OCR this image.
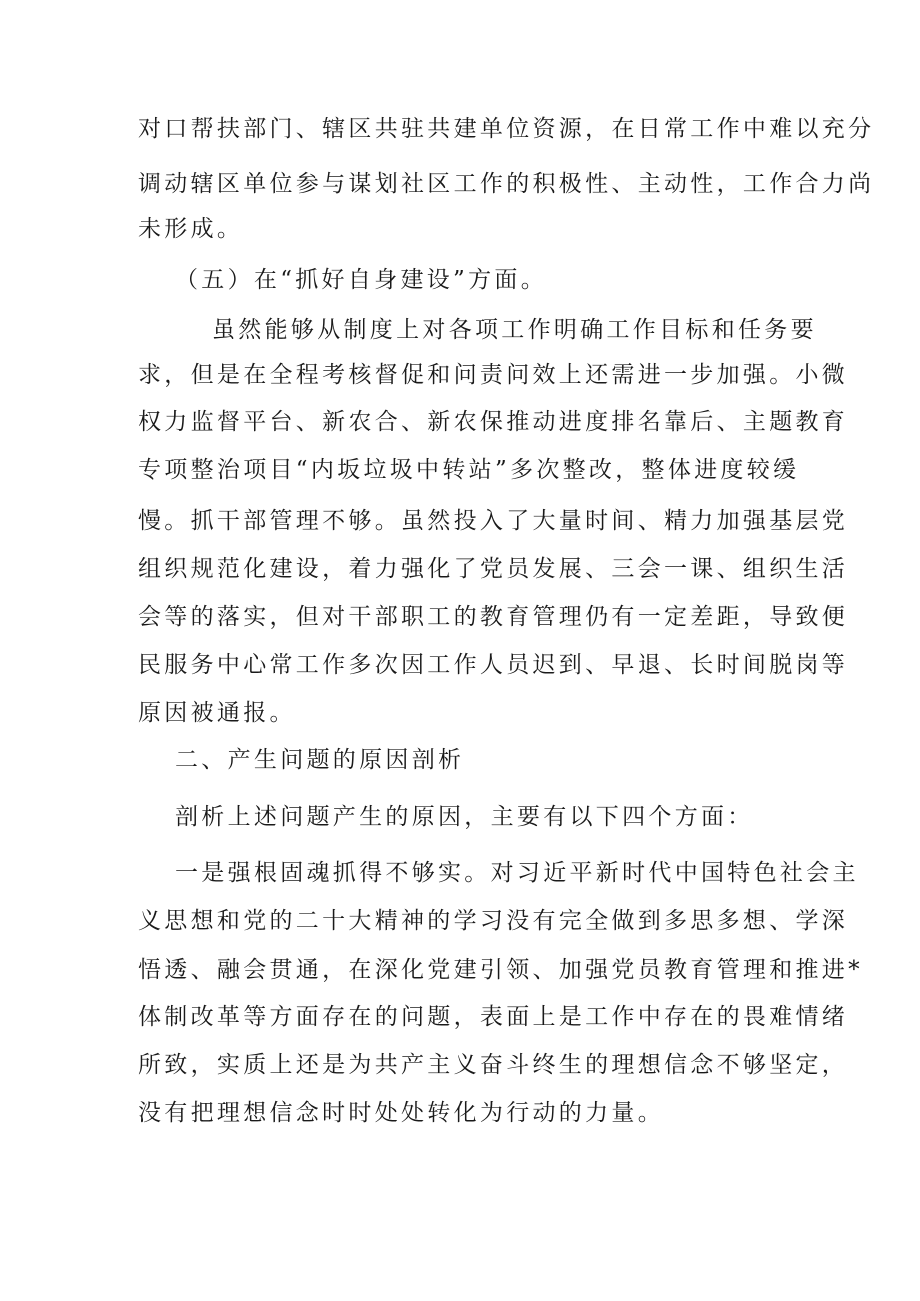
对口帮扶部门、辖区共驻共建单位资源，在日常工作中难以充分

调动辖区单位参与谋划社区工作的积极性、主动性，工作合力尚

未形成。

（五）在“抓好自身建设”方面。

虽然能够从制度上对各项工作明确工作目标和任务要

求，但是在全程考核督促和问责问效上还需进一步加强。小微

权力监督平台、新农合、新农保推动进度排名靠后、主题教育

专项整治项目“内坂垃圾中转站”多次整改，整体进度较缓

慢。抓干部管理不够。虽然投入了大量时间、精力加强基层党

组织规范化建设，着力强化了党员发展、三会一课、组织生活

会等的落实，但对干部职工的教育管理仍有一定差距，导致便

民服务中心常工作多次因工作人员迟到、早退、长时间脱岗等

原因被通报。

二、产生问题的原因剖析

剖析上述问题产生的原因，主要有以下四个方面：

一是强根固魂抓得不够实。对习近平新时代中国特色社会主

义思想和党的二十大精神的学习没有完全做到多思多想、学深

悟透、融会贯通，在深化党建引领、加强党员教育管理和推进*

体制改革等方面存在的问题，表面上是工作中存在的畏难情绪

所致，实质上还是为共产主义奋斗终生的理想信念不够坚定，

没有把理想信念时时处处转化为行动的力量。
